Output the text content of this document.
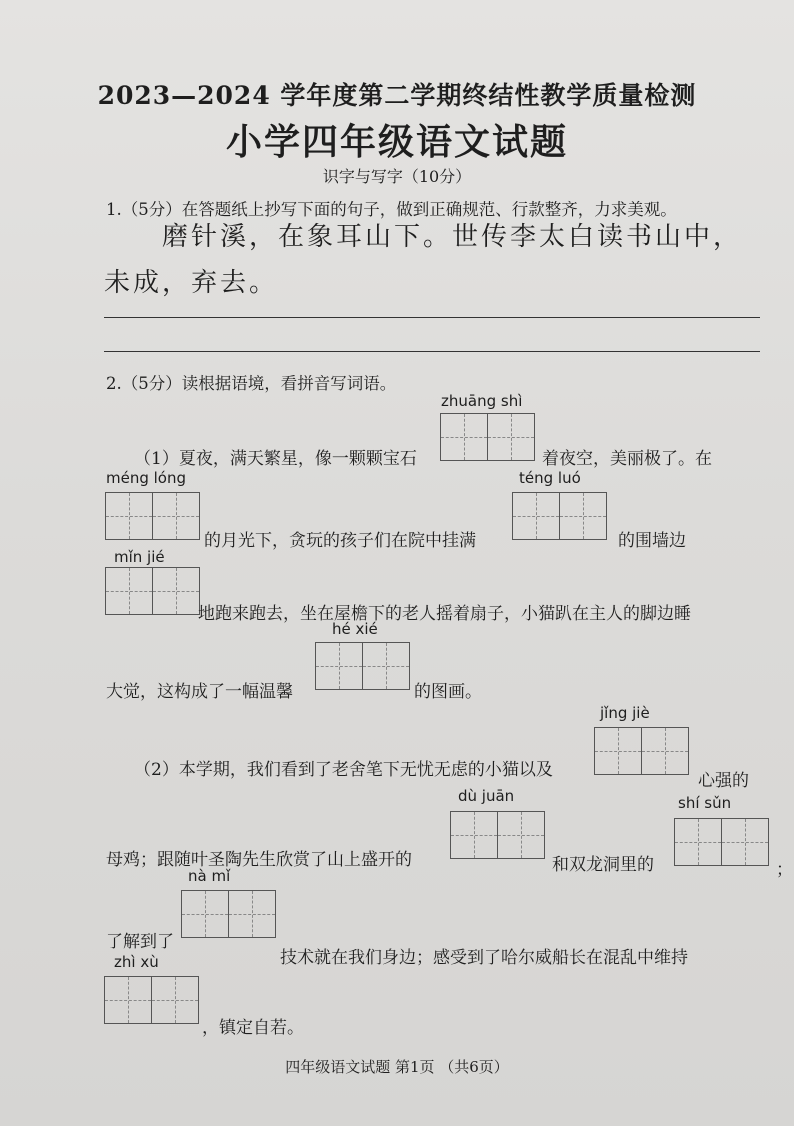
2023—2024 学年度第二学期终结性教学质量检测
小学四年级语文试题
识字与写字（10分）
1.（5分）在答题纸上抄写下面的句子，做到正确规范、行款整齐，力求美观。
磨针溪，在象耳山下。世传李太白读书山中，
未成，弃去。
2.（5分）读根据语境，看拼音写词语。
zhuāng shì
（1）夏夜，满天繁星，像一颗颗宝石	着夜空，美丽极了。在
méng lóng
的月光下，贪玩的孩子们在院中挂满
téng luó
的围墙边
mǐn jié
地跑来跑去，坐在屋檐下的老人摇着扇子，小猫趴在主人的脚边睡
hé xié
大觉，这构成了一幅温馨	的图画。
jǐng jiè
（2）本学期，我们看到了老舍笔下无忧无虑的小猫以及
心强的
dù juān
母鸡；跟随叶圣陶先生欣赏了山上盛开的	和双龙洞里的
shí sǔn
；
nà mǐ
了解到了
技术就在我们身边；感受到了哈尔威船长在混乱中维持
zhì xù
，镇定自若。
四年级语文试题 第1页 （共6页）
